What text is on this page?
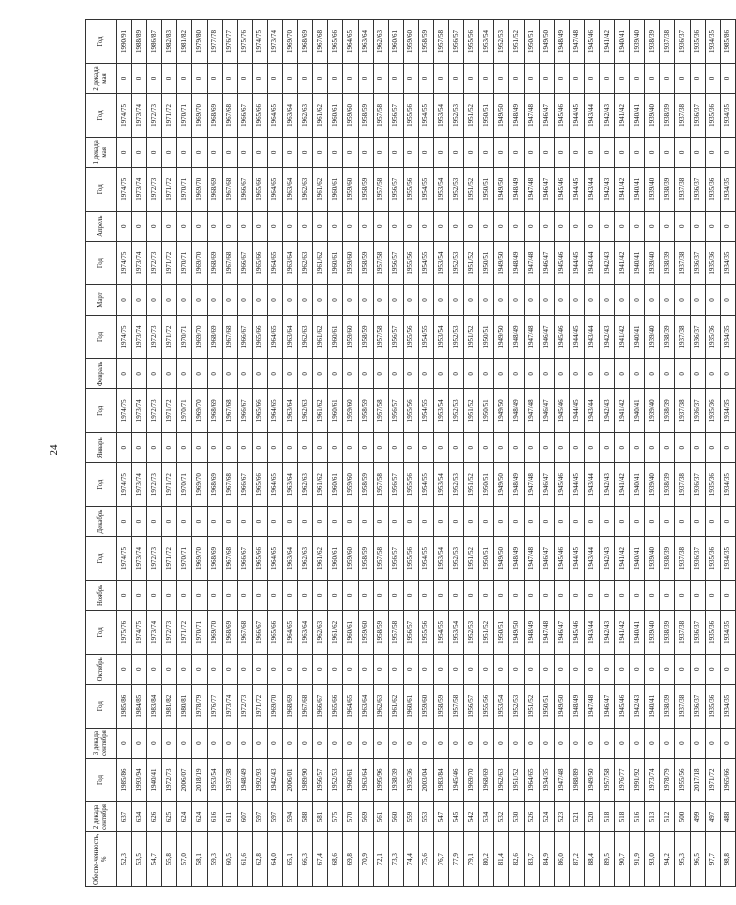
24
Обеспе-ченность, %	2 декада сентября	Год	3 декада сентября	Год	Октябрь	Год	Ноябрь	Год	Декабрь	Год	Январь	Год	Февраль	Год	Март	Год	Апрель	Год	1 декада мая	Год	2 декада мая	Год
52,3	637	1985/86	0	1985/86	0	1975/76	0	1974/75	0	1974/75	0	1974/75	0	1974/75	0	1974/75	0	1974/75	0	1974/75	0	1990/91
53,5	634	1993/94	0	1984/85	0	1974/75	0	1973/74	0	1973/74	0	1973/74	0	1973/74	0	1973/74	0	1973/74	0	1973/74	0	1988/89
54,7	626	1940/41	0	1983/84	0	1973/74	0	1972/73	0	1972/73	0	1972/73	0	1972/73	0	1972/73	0	1972/73	0	1972/73	0	1986/87
55,8	625	1972/73	0	1981/82	0	1972/73	0	1971/72	0	1971/72	0	1971/72	0	1971/72	0	1971/72	0	1971/72	0	1971/72	0	1982/83
57,0	624	2006/07	0	1980/81	0	1971/72	0	1970/71	0	1970/71	0	1970/71	0	1970/71	0	1970/71	0	1970/71	0	1970/71	0	1981/82
58,1	624	2018/19	0	1978/79	0	1970/71	0	1969/70	0	1969/70	0	1969/70	0	1969/70	0	1969/70	0	1969/70	0	1969/70	0	1979/80
59,3	616	1953/54	0	1976/77	0	1969/70	0	1968/69	0	1968/69	0	1968/69	0	1968/69	0	1968/69	0	1968/69	0	1968/69	0	1977/78
60,5	611	1937/38	0	1973/74	0	1968/69	0	1967/68	0	1967/68	0	1967/68	0	1967/68	0	1967/68	0	1967/68	0	1967/68	0	1976/77
61,6	607	1948/49	0	1972/73	0	1967/68	0	1966/67	0	1966/67	0	1966/67	0	1966/67	0	1966/67	0	1966/67	0	1966/67	0	1975/76
62,8	597	1992/93	0	1971/72	0	1966/67	0	1965/66	0	1965/66	0	1965/66	0	1965/66	0	1965/66	0	1965/66	0	1965/66	0	1974/75
64,0	597	1942/43	0	1969/70	0	1965/66	0	1964/65	0	1964/65	0	1964/65	0	1964/65	0	1964/65	0	1964/65	0	1964/65	0	1973/74
65,1	594	2006/01	0	1968/69	0	1964/65	0	1963/64	0	1963/64	0	1963/64	0	1963/64	0	1963/64	0	1963/64	0	1963/64	0	1969/70
66,3	588	1989/90	0	1967/68	0	1963/64	0	1962/63	0	1962/63	0	1962/63	0	1962/63	0	1962/63	0	1962/63	0	1962/63	0	1968/69
67,4	581	1956/57	0	1966/67	0	1962/63	0	1961/62	0	1961/62	0	1961/62	0	1961/62	0	1961/62	0	1961/62	0	1961/62	0	1967/68
68,6	575	1952/53	0	1965/66	0	1961/62	0	1960/61	0	1960/61	0	1960/61	0	1960/61	0	1960/61	0	1960/61	0	1960/61	0	1965/66
69,8	570	1960/61	0	1964/65	0	1960/61	0	1959/60	0	1959/60	0	1959/60	0	1959/60	0	1959/60	0	1959/60	0	1959/60	0	1964/65
70,9	569	1963/64	0	1963/64	0	1959/60	0	1958/59	0	1958/59	0	1958/59	0	1958/59	0	1958/59	0	1958/59	0	1958/59	0	1963/64
72,1	561	1995/96	0	1962/63	0	1958/59	0	1957/58	0	1957/58	0	1957/58	0	1957/58	0	1957/58	0	1957/58	0	1957/58	0	1962/63
73,3	560	1938/39	0	1961/62	0	1957/58	0	1956/57	0	1956/57	0	1956/57	0	1956/57	0	1956/57	0	1956/57	0	1956/57	0	1960/61
74,4	559	1935/36	0	1960/61	0	1956/57	0	1955/56	0	1955/56	0	1955/56	0	1955/56	0	1955/56	0	1955/56	0	1955/56	0	1959/60
75,6	553	2003/04	0	1959/60	0	1955/56	0	1954/55	0	1954/55	0	1954/55	0	1954/55	0	1954/55	0	1954/55	0	1954/55	0	1958/59
76,7	547	1983/84	0	1958/59	0	1954/55	0	1953/54	0	1953/54	0	1953/54	0	1953/54	0	1953/54	0	1953/54	0	1953/54	0	1957/58
77,9	545	1945/46	0	1957/58	0	1953/54	0	1952/53	0	1952/53	0	1952/53	0	1952/53	0	1952/53	0	1952/53	0	1952/53	0	1956/57
79,1	542	1969/70	0	1956/57	0	1952/53	0	1951/52	0	1951/52	0	1951/52	0	1951/52	0	1951/52	0	1951/52	0	1951/52	0	1955/56
80,2	534	1968/69	0	1955/56	0	1951/52	0	1950/51	0	1950/51	0	1950/51	0	1950/51	0	1950/51	0	1950/51	0	1950/51	0	1953/54
81,4	532	1962/63	0	1953/54	0	1950/51	0	1949/50	0	1949/50	0	1949/50	0	1949/50	0	1949/50	0	1949/50	0	1949/50	0	1952/53
82,6	530	1951/52	0	1952/53	0	1949/50	0	1948/49	0	1948/49	0	1948/49	0	1948/49	0	1948/49	0	1948/49	0	1948/49	0	1951/52
83,7	526	1964/65	0	1951/52	0	1948/49	0	1947/48	0	1947/48	0	1947/48	0	1947/48	0	1947/48	0	1947/48	0	1947/48	0	1950/51
84,9	524	1934/35	0	1950/51	0	1947/48	0	1946/47	0	1946/47	0	1946/47	0	1946/47	0	1946/47	0	1946/47	0	1946/47	0	1949/50
86,0	523	1947/48	0	1949/50	0	1946/47	0	1945/46	0	1945/46	0	1945/46	0	1945/46	0	1945/46	0	1945/46	0	1945/46	0	1948/49
87,2	521	1988/89	0	1948/49	0	1945/46	0	1944/45	0	1944/45	0	1944/45	0	1944/45	0	1944/45	0	1944/45	0	1944/45	0	1947/48
88,4	520	1949/50	0	1947/48	0	1943/44	0	1943/44	0	1943/44	0	1943/44	0	1943/44	0	1943/44	0	1943/44	0	1943/44	0	1945/46
89,5	518	1957/58	0	1946/47	0	1942/43	0	1942/43	0	1942/43	0	1942/43	0	1942/43	0	1942/43	0	1942/43	0	1942/43	0	1941/42
90,7	518	1976/77	0	1945/46	0	1941/42	0	1941/42	0	1941/42	0	1941/42	0	1941/42	0	1941/42	0	1941/42	0	1941/42	0	1940/41
91,9	516	1991/92	0	1942/43	0	1940/41	0	1940/41	0	1940/41	0	1940/41	0	1940/41	0	1940/41	0	1940/41	0	1940/41	0	1939/40
93,0	513	1973/74	0	1940/41	0	1939/40	0	1939/40	0	1939/40	0	1939/40	0	1939/40	0	1939/40	0	1939/40	0	1939/40	0	1938/39
94,2	512	1978/79	0	1938/39	0	1938/39	0	1938/39	0	1938/39	0	1938/39	0	1938/39	0	1938/39	0	1938/39	0	1938/39	0	1937/38
95,3	500	1955/56	0	1937/38	0	1937/38	0	1937/38	0	1937/38	0	1937/38	0	1937/38	0	1937/38	0	1937/38	0	1937/38	0	1936/37
96,5	499	2017/18	0	1936/37	0	1936/37	0	1936/37	0	1936/37	0	1936/37	0	1936/37	0	1936/37	0	1936/37	0	1936/37	0	1935/36
97,7	497	1971/72	0	1935/36	0	1935/36	0	1935/36	0	1935/36	0	1935/36	0	1935/36	0	1935/36	0	1935/36	0	1935/36	0	1934/35
98,8	488	1965/66	0	1934/35	0	1934/35	0	1934/35	0	1934/35	0	1934/35	0	1934/35	0	1934/35	0	1934/35	0	1934/35	0	1985/86
